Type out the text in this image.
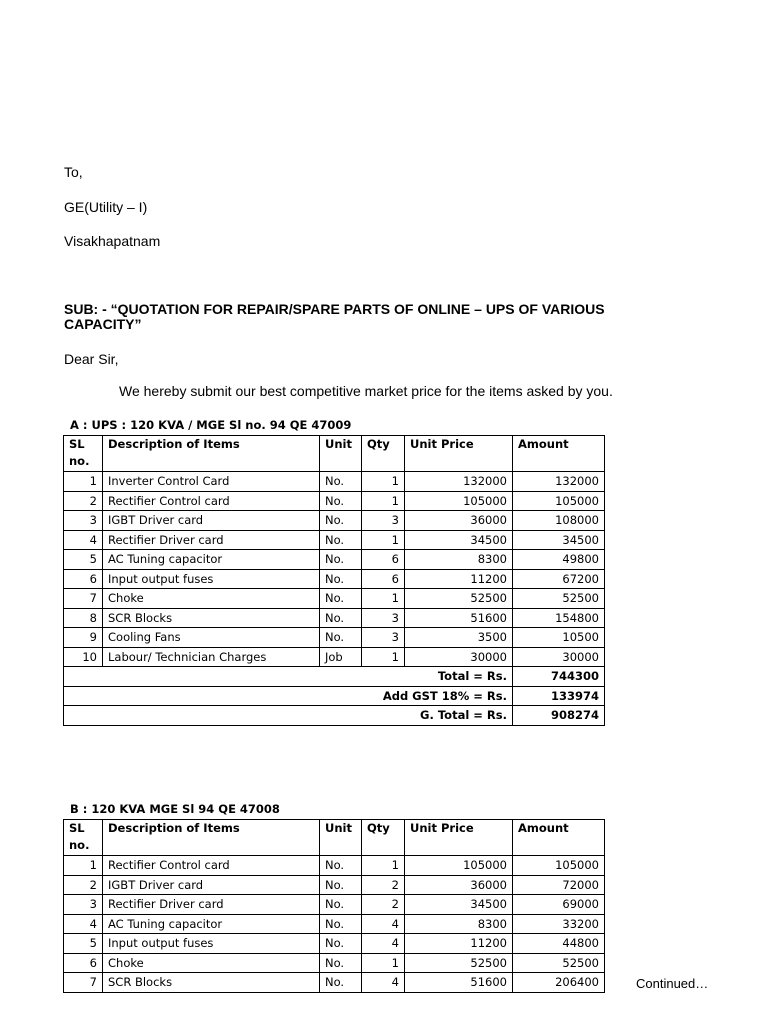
To,
GE(Utility – I)
Visakhapatnam
SUB: - “QUOTATION FOR REPAIR/SPARE PARTS OF ONLINE – UPS OF VARIOUS CAPACITY”
Dear Sir,
We hereby submit our best competitive market price for the items asked by you.
A : UPS : 120 KVA / MGE Sl no. 94 QE 47009
SL no.	Description of Items	Unit	Qty	Unit Price	Amount
1	Inverter Control Card	No.	1	132000	132000
2	Rectifier Control card	No.	1	105000	105000
3	IGBT Driver card	No.	3	36000	108000
4	Rectifier Driver card	No.	1	34500	34500
5	AC Tuning capacitor	No.	6	8300	49800
6	Input output fuses	No.	6	11200	67200
7	Choke	No.	1	52500	52500
8	SCR Blocks	No.	3	51600	154800
9	Cooling Fans	No.	3	3500	10500
10	Labour/ Technician Charges	Job	1	30000	30000
Total = Rs.					744300
Add GST 18% = Rs.					133974
G. Total = Rs.					908274
B : 120 KVA MGE Sl 94 QE 47008
SL no.	Description of Items	Unit	Qty	Unit Price	Amount
1	Rectifier Control card	No.	1	105000	105000
2	IGBT Driver card	No.	2	36000	72000
3	Rectifier Driver card	No.	2	34500	69000
4	AC Tuning capacitor	No.	4	8300	33200
5	Input output fuses	No.	4	11200	44800
6	Choke	No.	1	52500	52500
7	SCR Blocks	No.	4	51600	206400	Continued…
